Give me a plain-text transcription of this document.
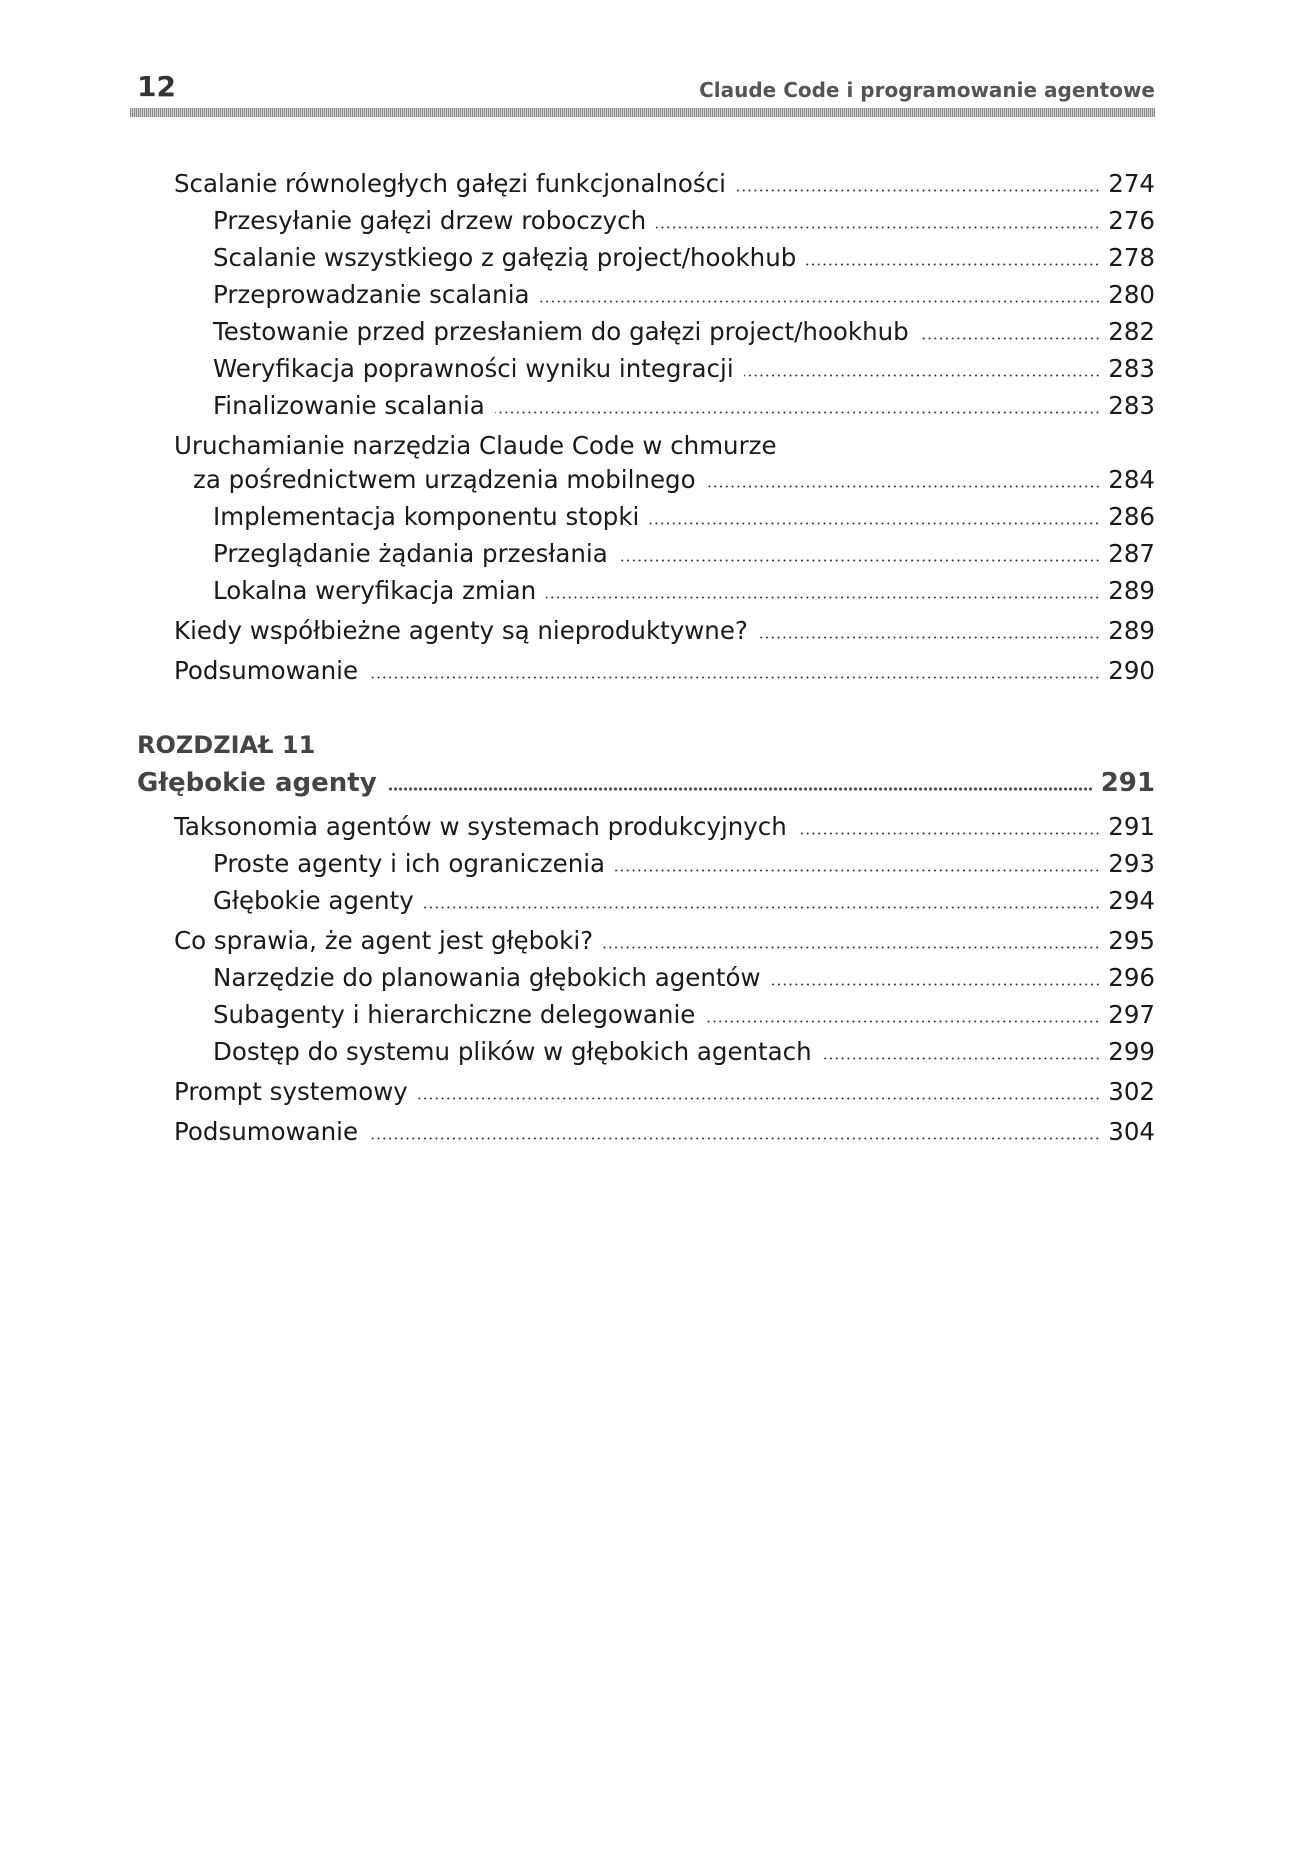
12	Claude Code i programowanie agentowe
Scalanie równoległych gałęzi funkcjonalności	274
Przesyłanie gałęzi drzew roboczych	276
Scalanie wszystkiego z gałęzią project/hookhub	278
Przeprowadzanie scalania	280
Testowanie przed przesłaniem do gałęzi project/hookhub	282
Weryfikacja poprawności wyniku integracji	283
Finalizowanie scalania	283
Uruchamianie narzędzia Claude Code w chmurze
za pośrednictwem urządzenia mobilnego	284
Implementacja komponentu stopki	286
Przeglądanie żądania przesłania	287
Lokalna weryfikacja zmian	289
Kiedy współbieżne agenty są nieproduktywne?	289
Podsumowanie	290
ROZDZIAŁ 11
Głębokie agenty	291
Taksonomia agentów w systemach produkcyjnych	291
Proste agenty i ich ograniczenia	293
Głębokie agenty	294
Co sprawia, że agent jest głęboki?	295
Narzędzie do planowania głębokich agentów	296
Subagenty i hierarchiczne delegowanie	297
Dostęp do systemu plików w głębokich agentach	299
Prompt systemowy	302
Podsumowanie	304
